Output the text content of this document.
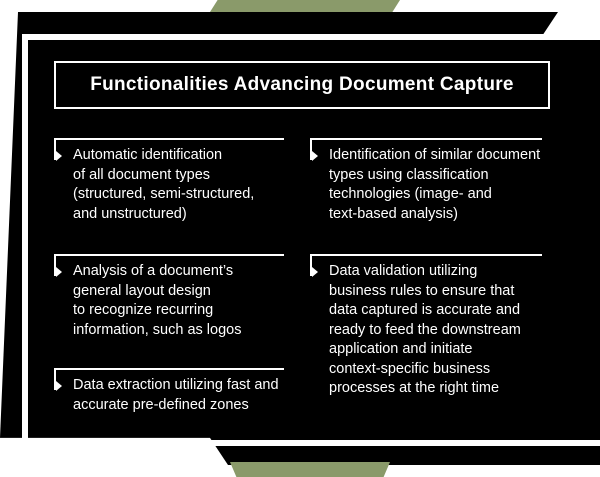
Functionalities Advancing Document Capture
Automatic identification
of all document types
(structured, semi-structured,
and unstructured)
Identification of similar document
types using classification
technologies (image- and
text-based analysis)
Analysis of a document’s
general layout design
to recognize recurring
information, such as logos
Data validation utilizing
business rules to ensure that
data captured is accurate and
ready to feed the downstream
application and initiate
context-specific business
processes at the right time
Data extraction utilizing fast and
accurate pre-defined zones
